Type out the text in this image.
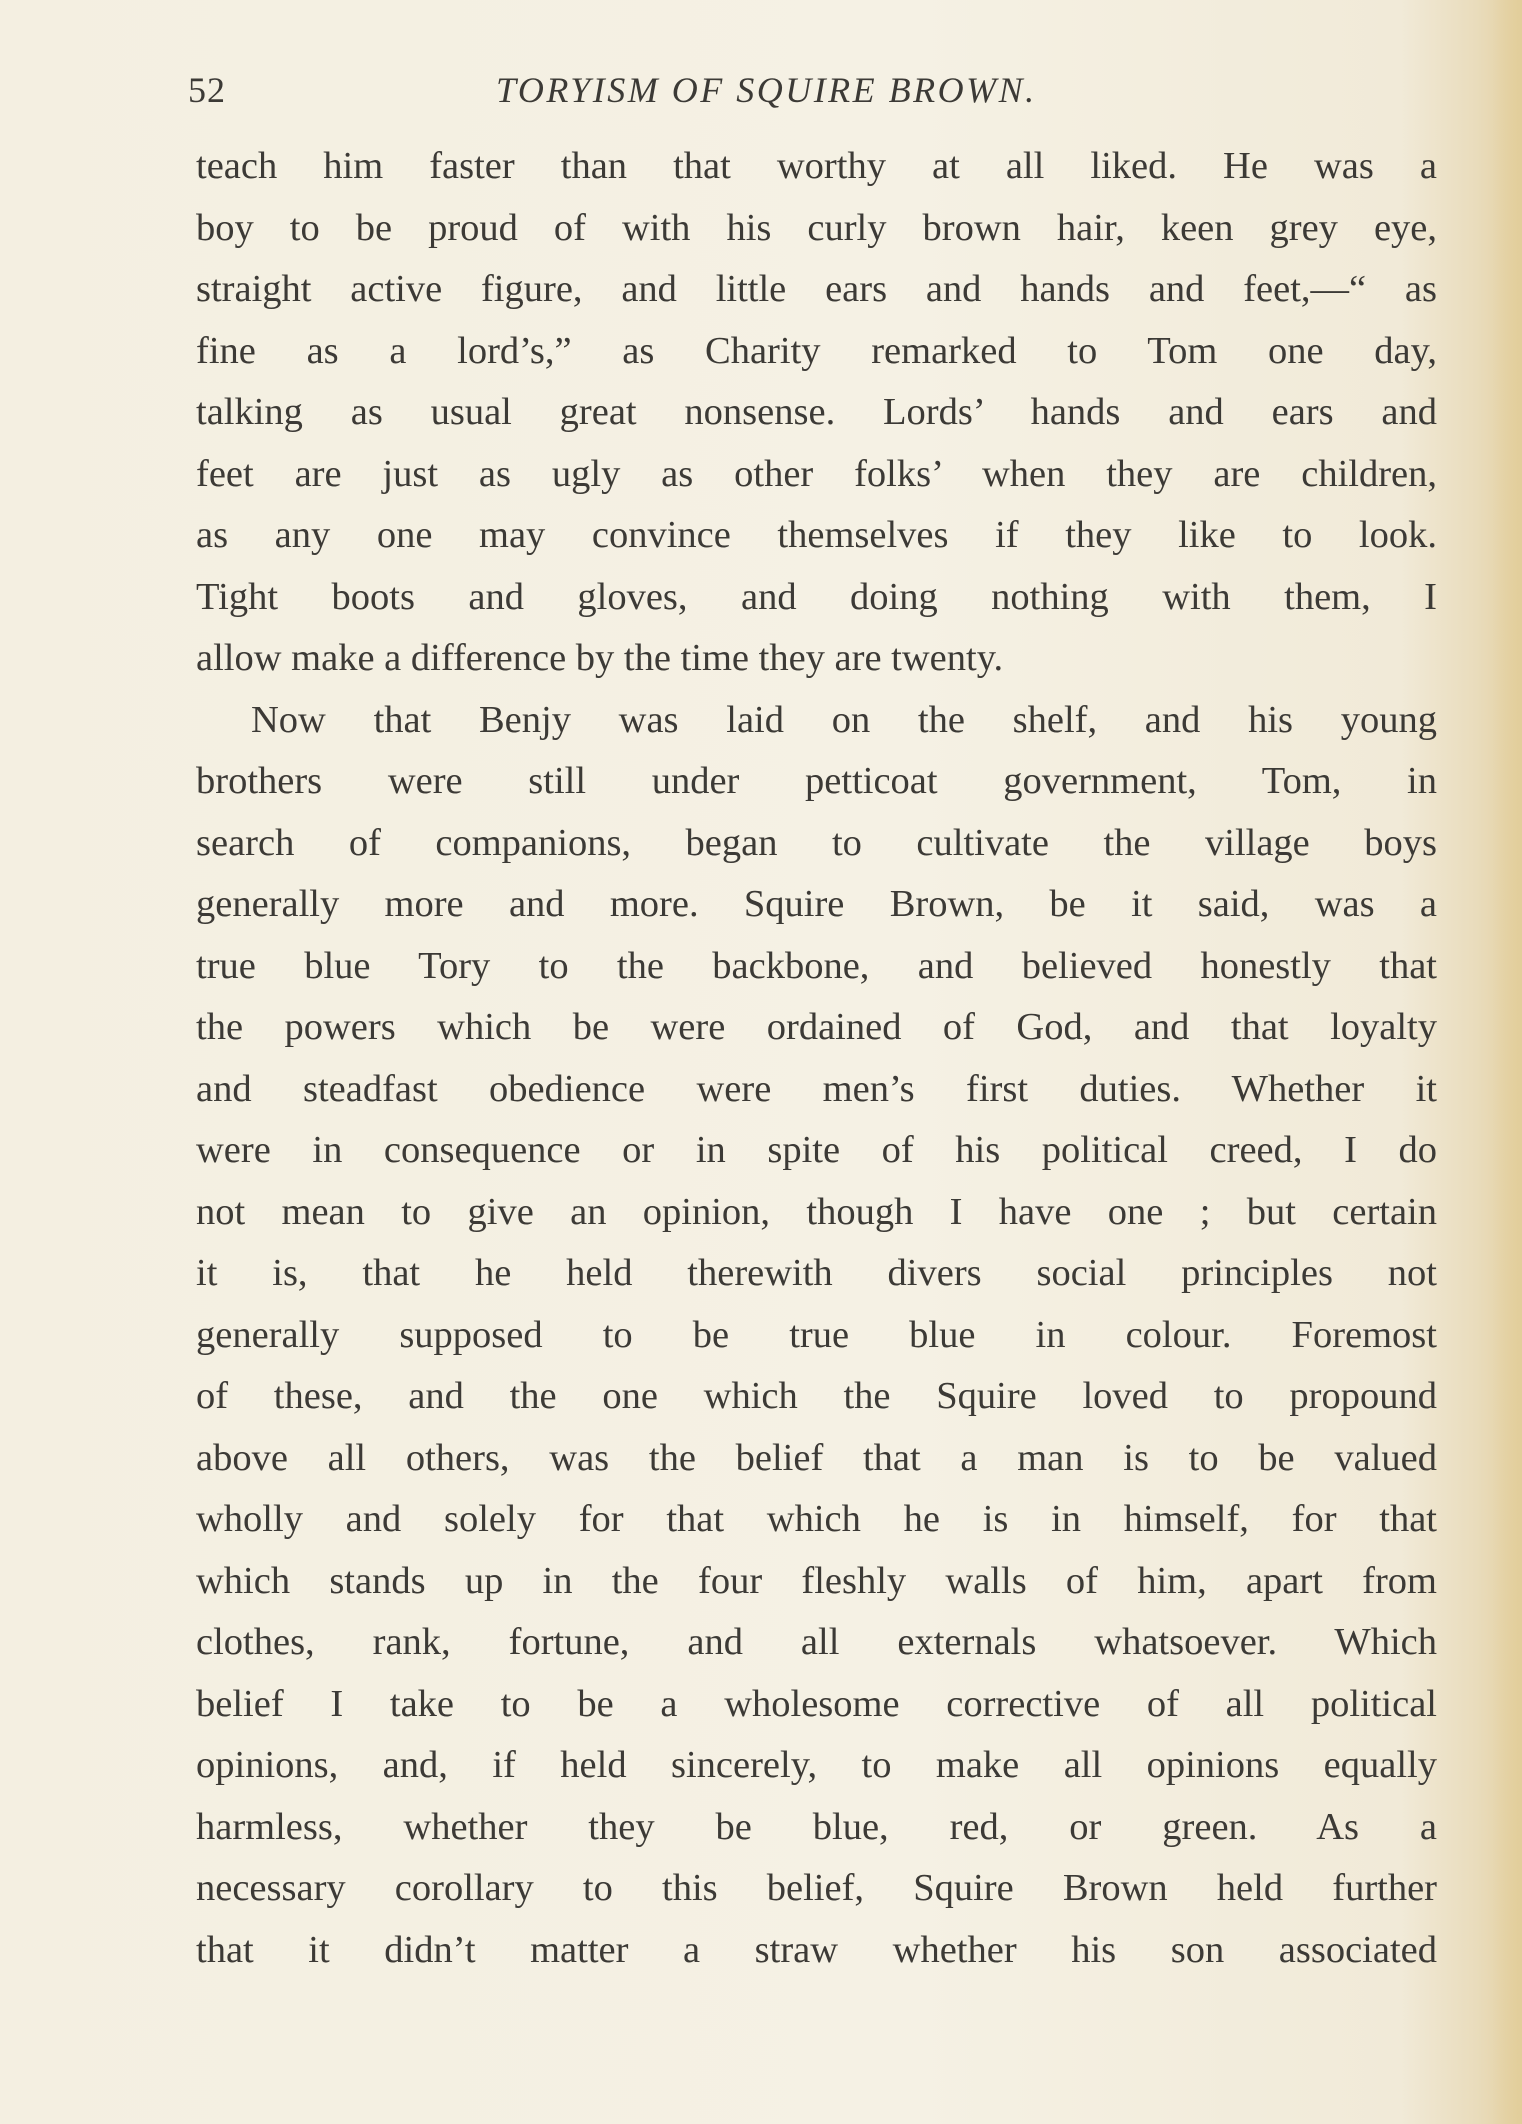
52	TORYISM OF SQUIRE BROWN.
teach him faster than that worthy at all liked. He was a
boy to be proud of with his curly brown hair, keen grey eye,
straight active figure, and little ears and hands and feet,—“ as
fine as a lord’s,” as Charity remarked to Tom one day,
talking as usual great nonsense. Lords’ hands and ears and
feet are just as ugly as other folks’ when they are children,
as any one may convince themselves if they like to look.
Tight boots and gloves, and doing nothing with them, I
allow make a difference by the time they are twenty.
Now that Benjy was laid on the shelf, and his young
brothers were still under petticoat government, Tom, in
search of companions, began to cultivate the village boys
generally more and more. Squire Brown, be it said, was a
true blue Tory to the backbone, and believed honestly that
the powers which be were ordained of God, and that loyalty
and steadfast obedience were men’s first duties. Whether it
were in consequence or in spite of his political creed, I do
not mean to give an opinion, though I have one ; but certain
it is, that he held therewith divers social principles not
generally supposed to be true blue in colour. Foremost
of these, and the one which the Squire loved to propound
above all others, was the belief that a man is to be valued
wholly and solely for that which he is in himself, for that
which stands up in the four fleshly walls of him, apart from
clothes, rank, fortune, and all externals whatsoever. Which
belief I take to be a wholesome corrective of all political
opinions, and, if held sincerely, to make all opinions equally
harmless, whether they be blue, red, or green. As a
necessary corollary to this belief, Squire Brown held further
that it didn’t matter a straw whether his son associated
